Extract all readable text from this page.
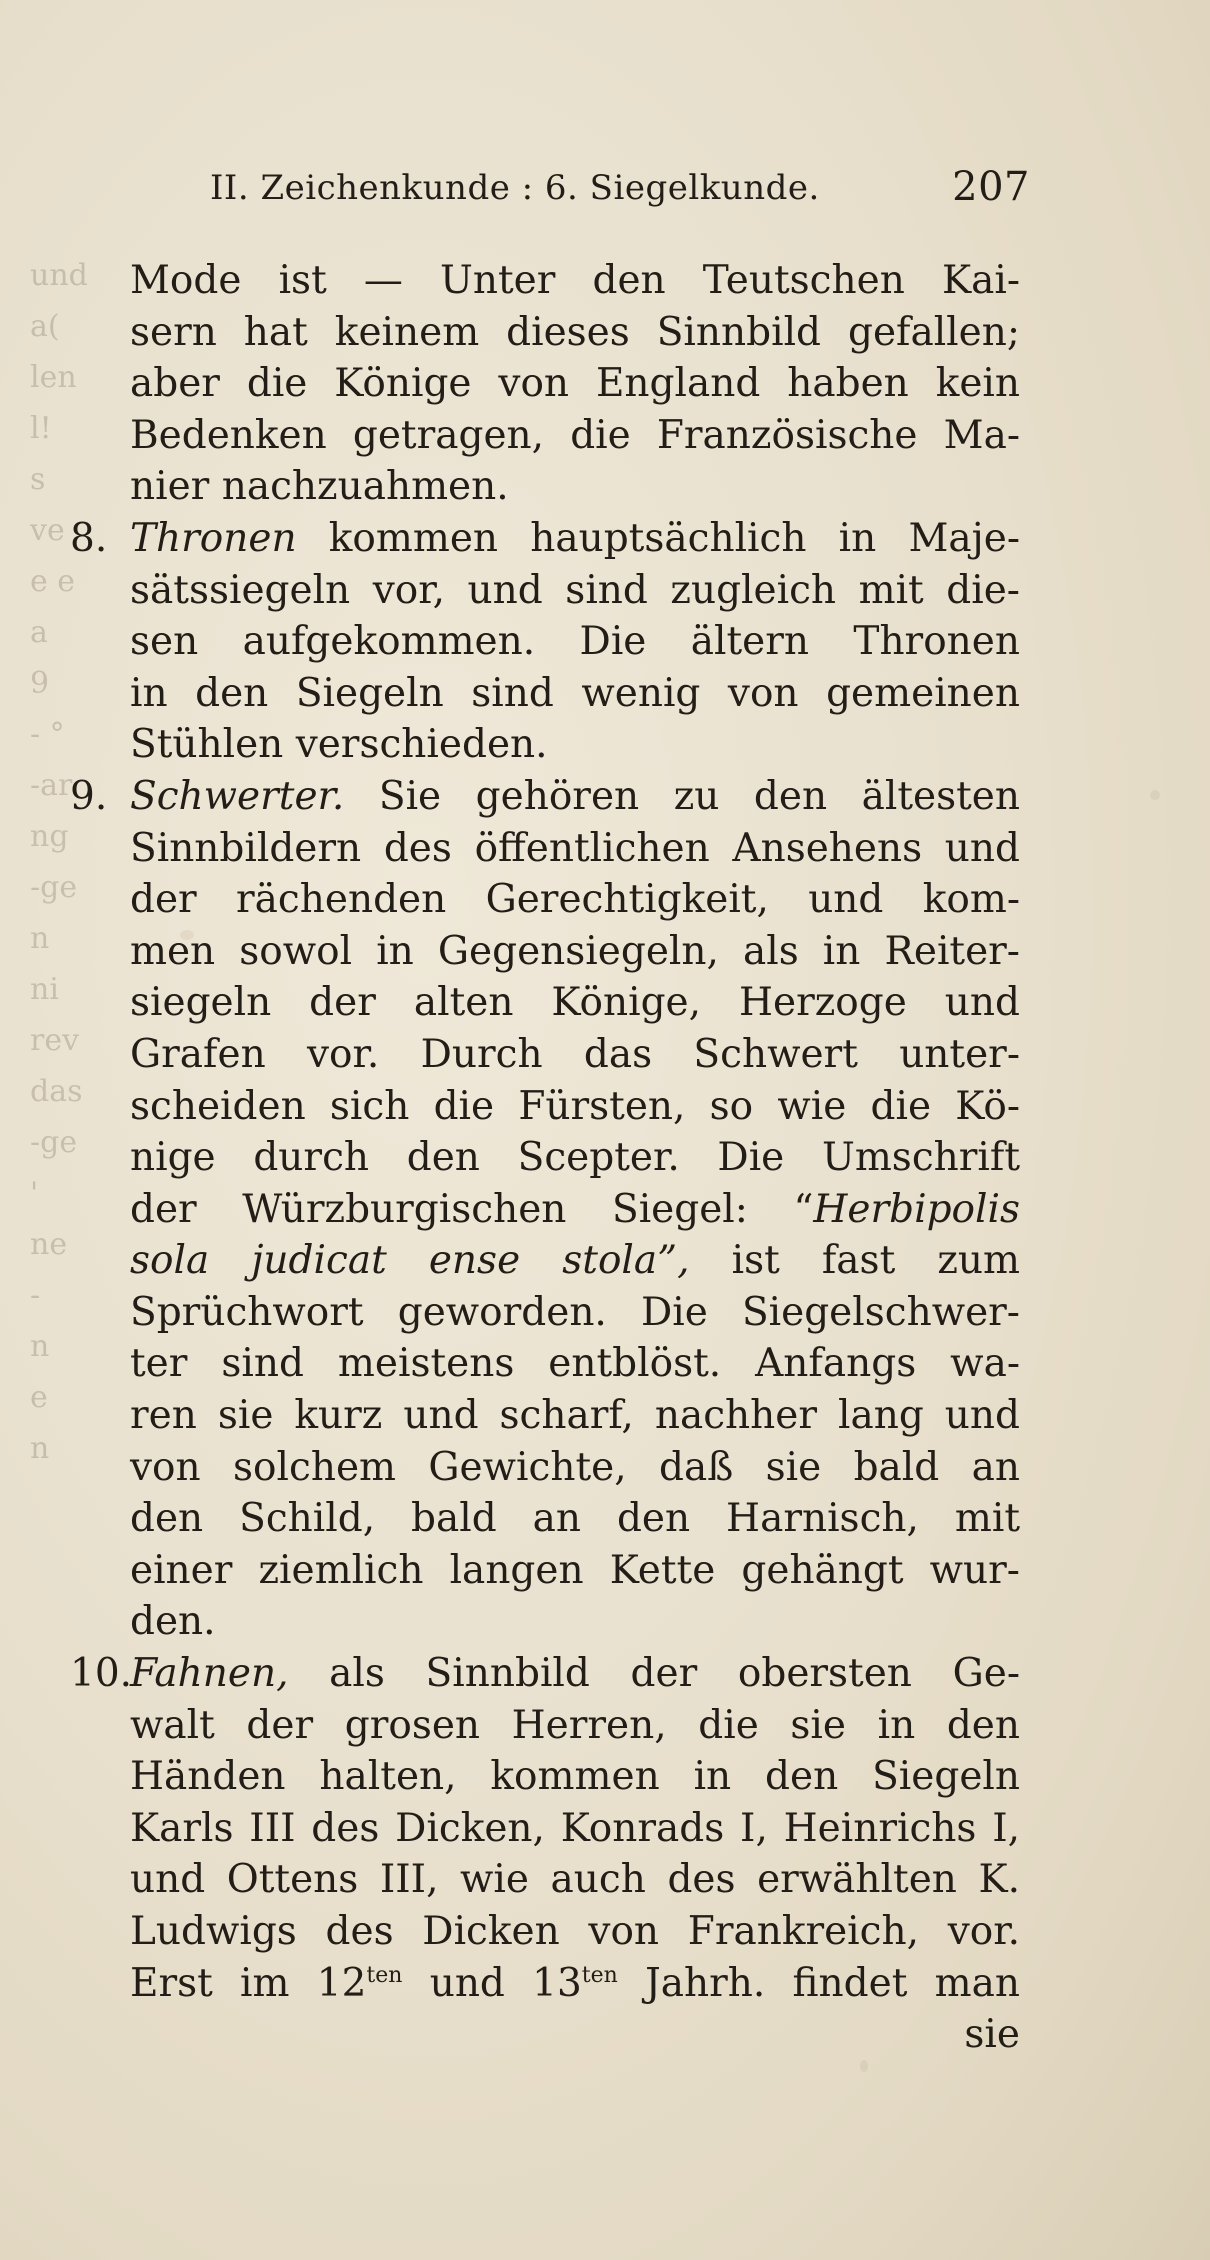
II. Zeichenkunde : 6. Siegelkunde.	207
und
a(
len
l!
s
ve
e e
a
9
- °
-ar
ng
-ge
n
ni
rev
das
-ge
'
ne
-
n
e
n
Mode ist — Unter den Teutschen Kai-
sern hat keinem dieses Sinnbild gefallen;
aber die Könige von England haben kein
Bedenken getragen, die Französische Ma-
nier nachzuahmen.
8. Thronen kommen hauptsächlich in Maje-
sätssiegeln vor, und sind zugleich mit die-
sen aufgekommen. Die ältern Thronen
in den Siegeln sind wenig von gemeinen
Stühlen verschieden.
9. Schwerter. Sie gehören zu den ältesten
Sinnbildern des öffentlichen Ansehens und
der rächenden Gerechtigkeit, und kom-
men sowol in Gegensiegeln, als in Reiter-
siegeln der alten Könige, Herzoge und
Grafen vor. Durch das Schwert unter-
scheiden sich die Fürsten, so wie die Kö-
nige durch den Scepter. Die Umschrift
der Würzburgischen Siegel: “Herbipolis
sola judicat ense stola”, ist fast zum
Sprüchwort geworden. Die Siegelschwer-
ter sind meistens entblöst. Anfangs wa-
ren sie kurz und scharf, nachher lang und
von solchem Gewichte, daß sie bald an
den Schild, bald an den Harnisch, mit
einer ziemlich langen Kette gehängt wur-
den.
10.
Fahnen, als Sinnbild der obersten Ge-
walt der grosen Herren, die sie in den
Händen halten, kommen in den Siegeln
Karls III des Dicken, Konrads I, Heinrichs I,
und Ottens III, wie auch des erwählten K.
Ludwigs des Dicken von Frankreich, vor.
Erst im $12^{ten}$ und $13^{ten}$ Jahrh. findet man
sie
